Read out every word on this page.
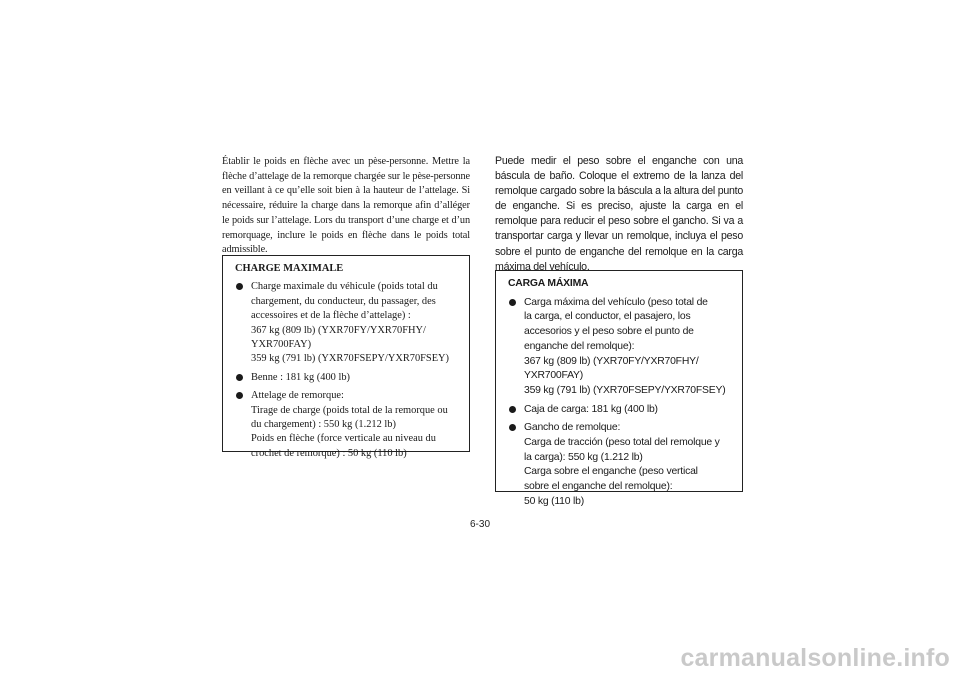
Établir le poids en flèche avec un pèse-personne. Mettre la flèche d’attelage de la remorque chargée sur le pèse-personne en veillant à ce qu’elle soit bien à la hauteur de l’attelage. Si nécessaire, réduire la charge dans la remorque afin d’alléger le poids sur l’attelage. Lors du transport d’une charge et d’un remorquage, inclure le poids en flèche dans le poids total admissible.

CHARGE MAXIMALE
Charge maximale du véhicule (poids total du
chargement, du conducteur, du passager, des
accessoires et de la flèche d’attelage) :
367 kg (809 lb) (YXR70FY/YXR70FHY/
YXR700FAY)
359 kg (791 lb) (YXR70FSEPY/YXR70FSEY)
Benne : 181 kg (400 lb)
Attelage de remorque:
Tirage de charge (poids total de la remorque ou
du chargement) : 550 kg (1.212 lb)
Poids en flèche (force verticale au niveau du
crochet de remorque) : 50 kg (110 lb)

Puede medir el peso sobre el enganche con una báscula de baño. Coloque el extremo de la lanza del remolque cargado sobre la báscula a la altura del punto de enganche. Si es preciso, ajuste la carga en el remolque para reducir el peso sobre el gancho. Si va a transportar carga y llevar un remolque, incluya el peso sobre el punto de enganche del remolque en la carga máxima del vehículo.

CARGA MÁXIMA
Carga máxima del vehículo (peso total de
la carga, el conductor, el pasajero, los
accesorios y el peso sobre el punto de
enganche del remolque):
367 kg (809 lb) (YXR70FY/YXR70FHY/
YXR700FAY)
359 kg (791 lb) (YXR70FSEPY/YXR70FSEY)
Caja de carga: 181 kg (400 lb)
Gancho de remolque:
Carga de tracción (peso total del remolque y
la carga): 550 kg (1.212 lb)
Carga sobre el enganche (peso vertical
sobre el enganche del remolque):
50 kg (110 lb)
6-30
carmanualsonline.info
